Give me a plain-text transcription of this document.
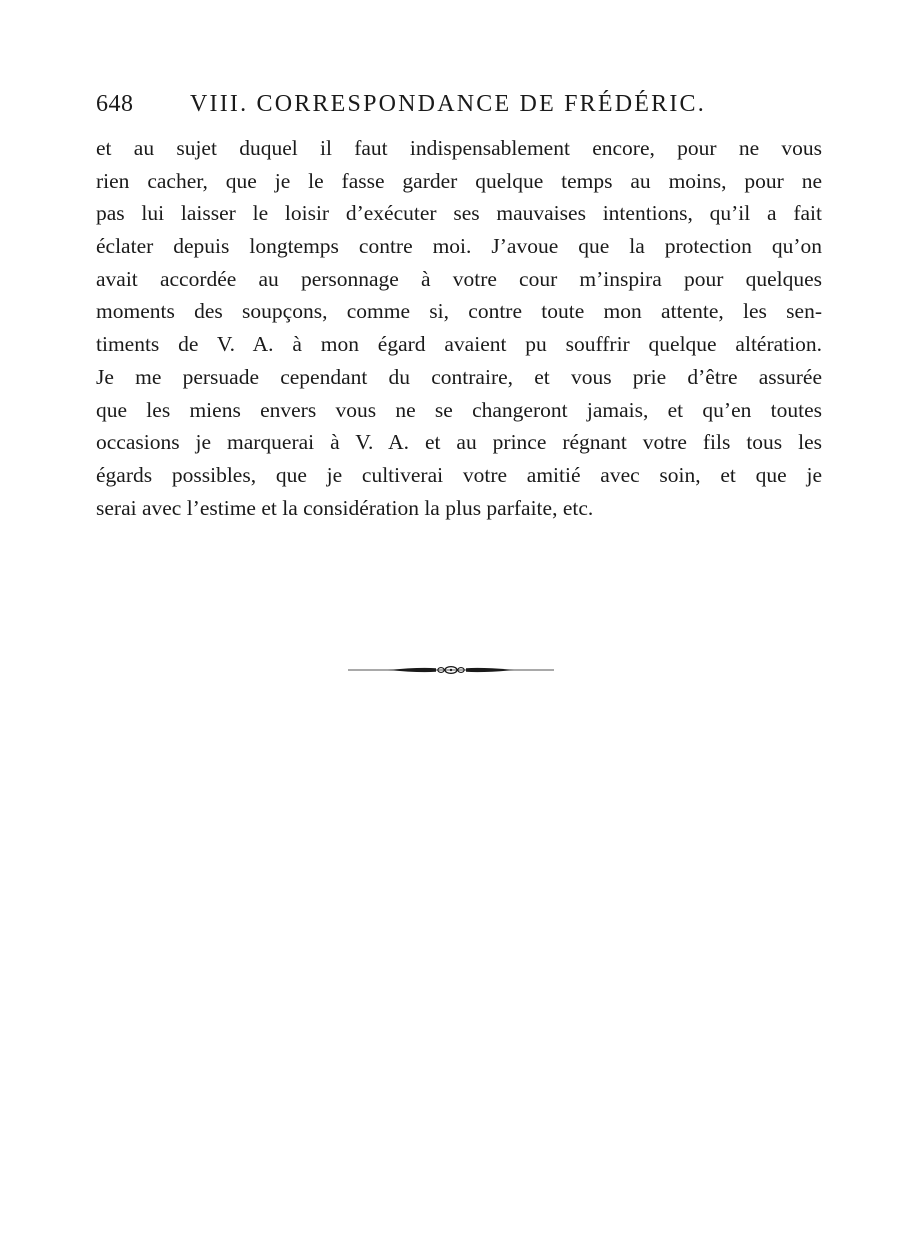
648 VIII. CORRESPONDANCE DE FRÉDÉRIC.
et au sujet duquel il faut indispensablement encore, pour ne vous
rien cacher, que je le fasse garder quelque temps au moins, pour ne
pas lui laisser le loisir d’exécuter ses mauvaises intentions, qu’il a fait
éclater depuis longtemps contre moi. J’avoue que la protection qu’on
avait accordée au personnage à votre cour m’inspira pour quelques
moments des soupçons, comme si, contre toute mon attente, les sen-
timents de V. A. à mon égard avaient pu souffrir quelque altération.
Je me persuade cependant du contraire, et vous prie d’être assurée
que les miens envers vous ne se changeront jamais, et qu’en toutes
occasions je marquerai à V. A. et au prince régnant votre fils tous les
égards possibles, que je cultiverai votre amitié avec soin, et que je
serai avec l’estime et la considération la plus parfaite, etc.
